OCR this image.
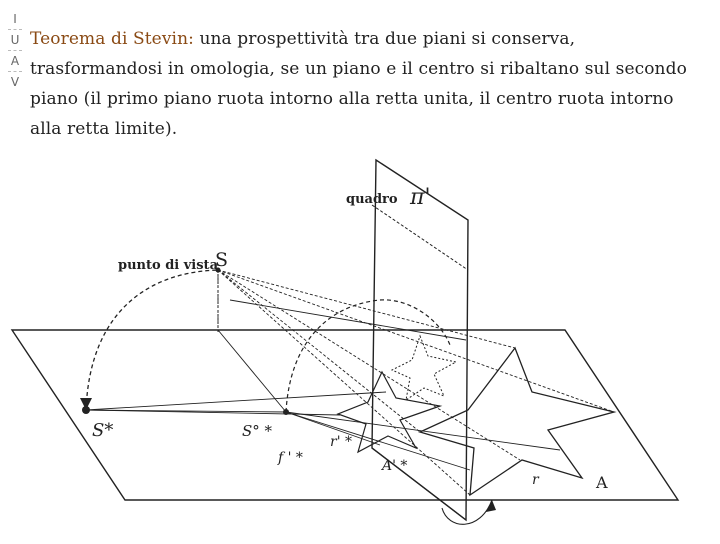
I
U
A
V
Teorema di Stevin: una prospettività tra due piani si conserva, trasformandosi in omologia, se un piano e il centro si ribaltano sul secondo piano (il primo piano ruota intorno alla retta unita, il centro ruota intorno alla retta limite).
quadro π'
punto di vista
S
S*	S° *
f ' *
r' *
A' *
r	A
